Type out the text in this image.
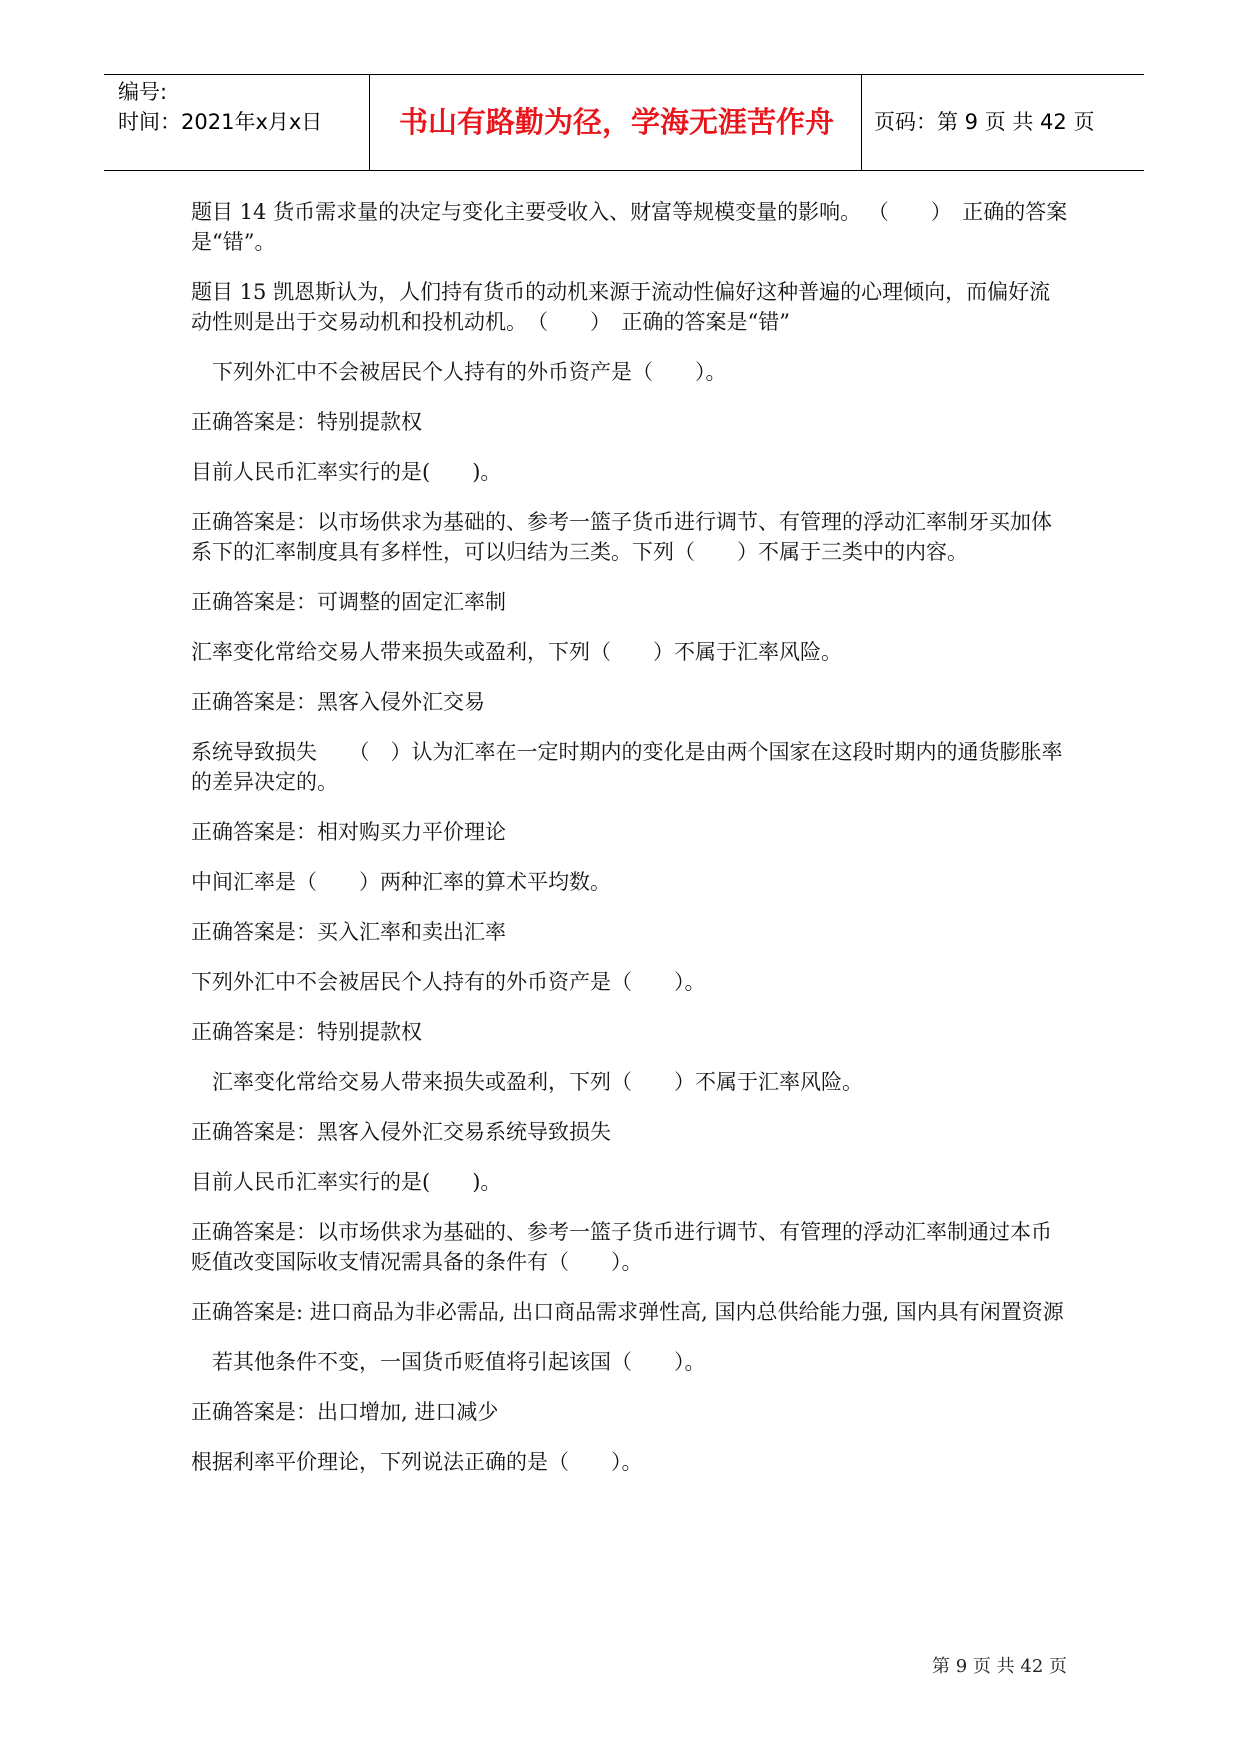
编号:
时间：2021年x月x日	书山有路勤为径，学海无涯苦作舟	页码：第 9 页 共 42 页

题目 14 货币需求量的决定与变化主要受收入、财富等规模变量的影响。 （　　）　正确的答案是“错”。

题目 15 凯恩斯认为，人们持有货币的动机来源于流动性偏好这种普遍的心理倾向，而偏好流动性则是出于交易动机和投机动机。　（　　）　正确的答案是“错”

　下列外汇中不会被居民个人持有的外币资产是（　　）。

正确答案是：特别提款权

目前人民币汇率实行的是(　　)。

正确答案是：以市场供求为基础的、参考一篮子货币进行调节、有管理的浮动汇率制牙买加体系下的汇率制度具有多样性，可以归结为三类。下列（　　）不属于三类中的内容。

正确答案是：可调整的固定汇率制

汇率变化常给交易人带来损失或盈利，下列（　　）不属于汇率风险。

正确答案是：黑客入侵外汇交易

系统导致损失　　（　）认为汇率在一定时期内的变化是由两个国家在这段时期内的通货膨胀率的差异决定的。

正确答案是：相对购买力平价理论

中间汇率是（　　）两种汇率的算术平均数。

正确答案是：买入汇率和卖出汇率

下列外汇中不会被居民个人持有的外币资产是（　　）。

正确答案是：特别提款权

　汇率变化常给交易人带来损失或盈利，下列（　　）不属于汇率风险。

正确答案是：黑客入侵外汇交易系统导致损失

目前人民币汇率实行的是(　　)。

正确答案是：以市场供求为基础的、参考一篮子货币进行调节、有管理的浮动汇率制通过本币贬值改变国际收支情况需具备的条件有（　　）。

正确答案是: 进口商品为非必需品, 出口商品需求弹性高, 国内总供给能力强, 国内具有闲置资源

　若其他条件不变，一国货币贬值将引起该国（　　）。

正确答案是：出口增加, 进口减少

根据利率平价理论，下列说法正确的是（　　）。

第 9 页 共 42 页
